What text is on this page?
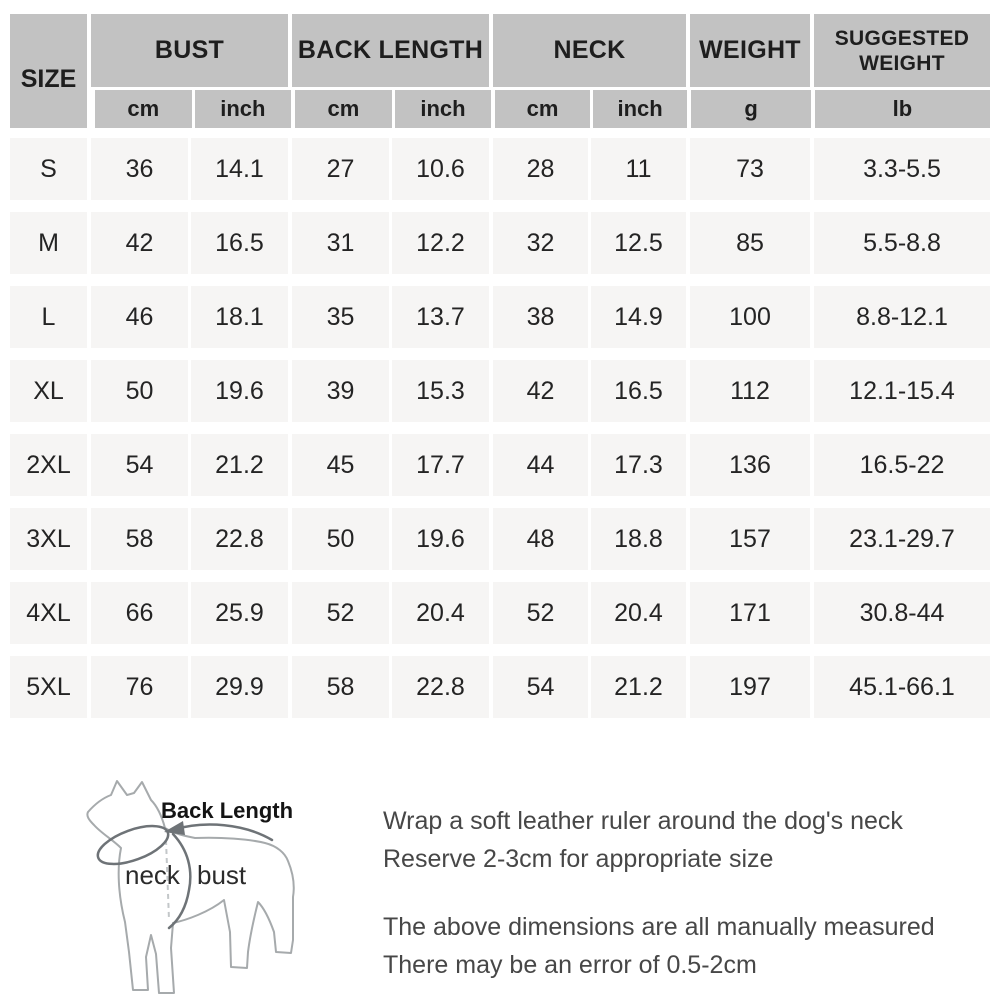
SIZE
BUST	BACK LENGTH	NECK	WEIGHT	SUGGESTED WEIGHT
cm	inch	cm	inch	cm	inch	g	lb
S	36	14.1	27	10.6	28	11	73	3.3-5.5
M	42	16.5	31	12.2	32	12.5	85	5.5-8.8
L	46	18.1	35	13.7	38	14.9	100	8.8-12.1
XL	50	19.6	39	15.3	42	16.5	112	12.1-15.4
2XL	54	21.2	45	17.7	44	17.3	136	16.5-22
3XL	58	22.8	50	19.6	48	18.8	157	23.1-29.7
4XL	66	25.9	52	20.4	52	20.4	171	30.8-44
5XL	76	29.9	58	22.8	54	21.2	197	45.1-66.1
Back Length
neck bust

Wrap a soft leather ruler around the dog's neck

Reserve 2-3cm for appropriate size

The above dimensions are all manually measured

There may be an error of 0.5-2cm
